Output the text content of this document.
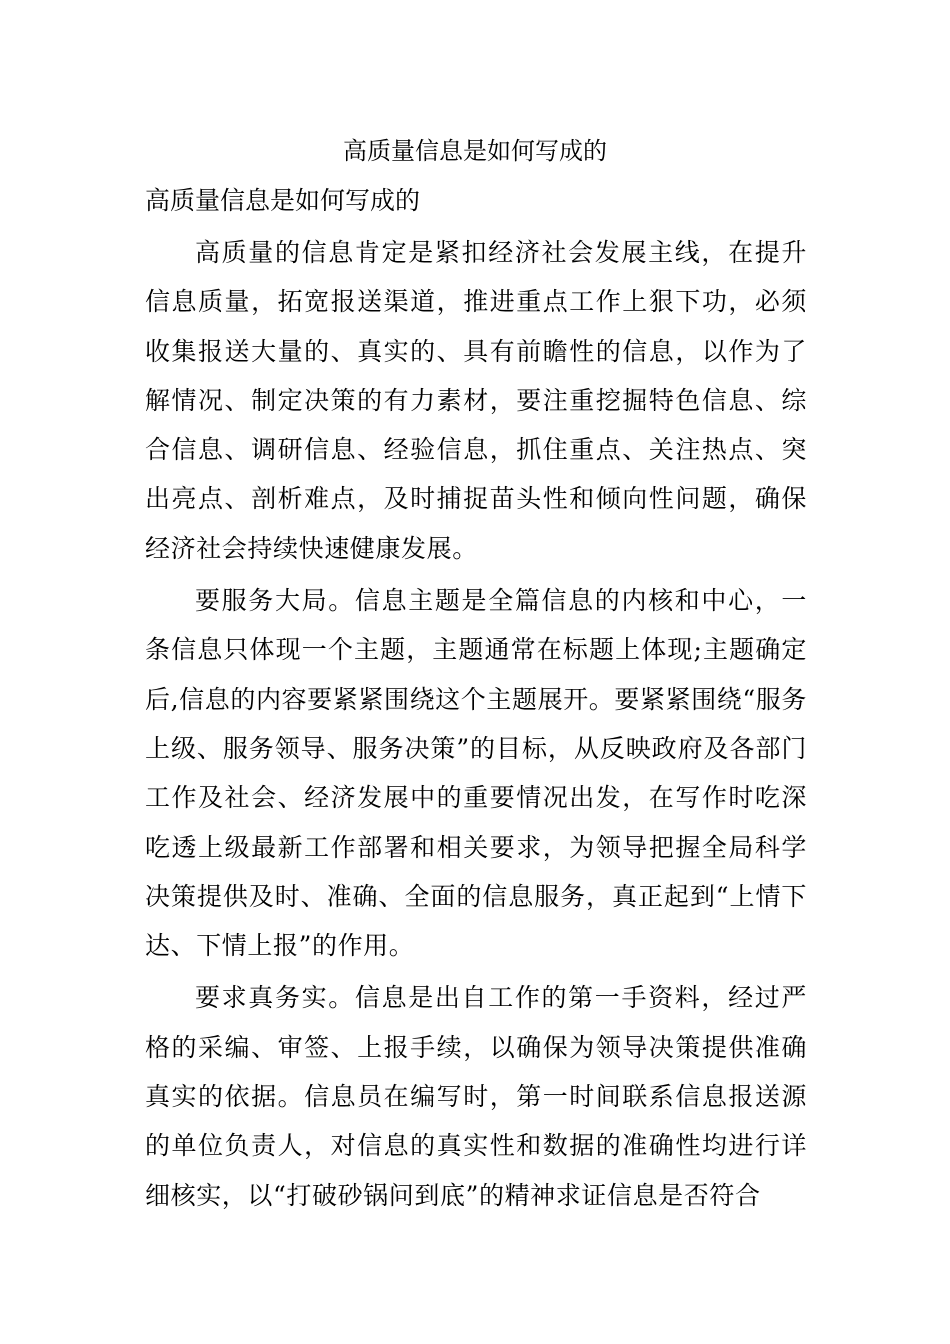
高质量信息是如何写成的
高质量信息是如何写成的

高质量的信息肯定是紧扣经济社会发展主线，在提升信息质量，拓宽报送渠道，推进重点工作上狠下功，必须收集报送大量的、真实的、具有前瞻性的信息，以作为了解情况、制定决策的有力素材，要注重挖掘特色信息、综合信息、调研信息、经验信息，抓住重点、关注热点、突出亮点、剖析难点，及时捕捉苗头性和倾向性问题，确保经济社会持续快速健康发展。

要服务大局。信息主题是全篇信息的内核和中心，一条信息只体现一个主题，主题通常在标题上体现;主题确定后,信息的内容要紧紧围绕这个主题展开。要紧紧围绕“服务上级、服务领导、服务决策”的目标，从反映政府及各部门工作及社会、经济发展中的重要情况出发，在写作时吃深吃透上级最新工作部署和相关要求，为领导把握全局科学决策提供及时、准确、全面的信息服务，真正起到“上情下达、下情上报”的作用。

要求真务实。信息是出自工作的第一手资料，经过严格的采编、审签、上报手续，以确保为领导决策提供准确真实的依据。信息员在编写时，第一时间联系信息报送源的单位负责人，对信息的真实性和数据的准确性均进行详细核实，以“打破砂锅问到底”的精神求证信息是否符合
